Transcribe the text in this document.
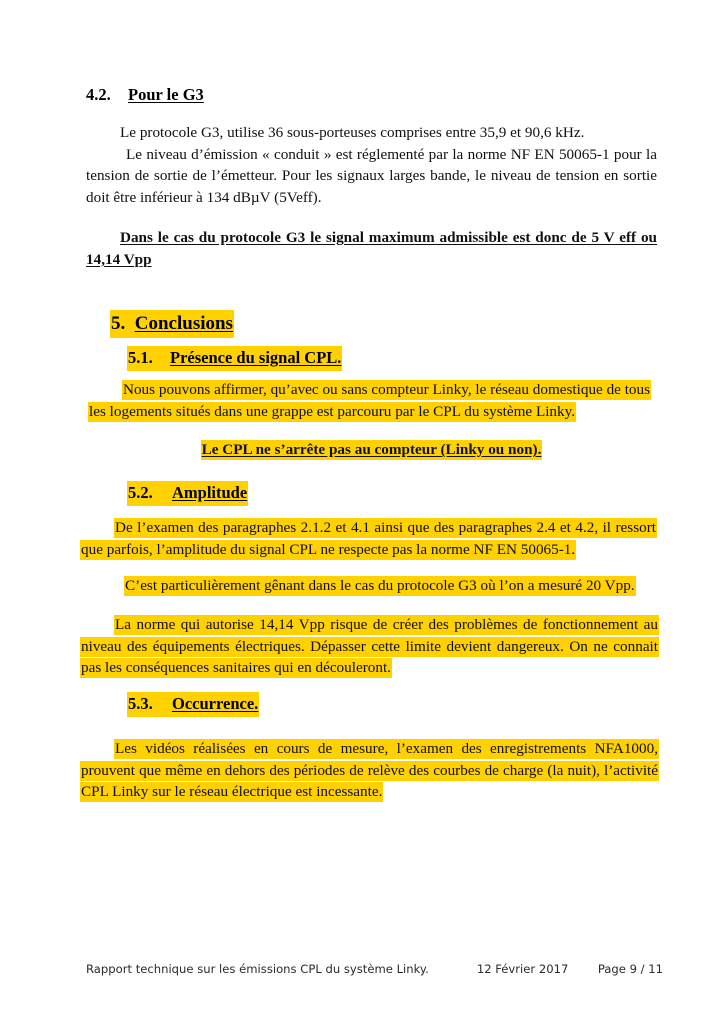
4.2.	Pour le G3

Le protocole G3, utilise 36 sous-porteuses comprises entre 35,9 et 90,6 kHz.

Le niveau d’émission « conduit » est réglementé par la norme NF EN 50065-1 pour la tension de sortie de l’émetteur. Pour les signaux larges bande, le niveau de tension en sortie doit être inférieur à 134 dBµV (5Veff).

Dans le cas du protocole G3 le signal maximum admissible est donc de 5 V eff ou 14,14 Vpp

5. Conclusions
5.1. Présence du signal CPL.

Nous pouvons affirmer, qu’avec ou sans compteur Linky, le réseau domestique de tous les logements situés dans une grappe est parcouru par le CPL du système Linky.

Le CPL ne s’arrête pas au compteur (Linky ou non).

5.2.	Amplitude

De l’examen des paragraphes 2.1.2 et 4.1 ainsi que des paragraphes 2.4 et 4.2, il ressort que parfois, l’amplitude du signal CPL ne respecte pas la norme NF EN 50065-1.

C’est particulièrement gênant dans le cas du protocole G3 où l’on a mesuré 20 Vpp.

La norme qui autorise 14,14 Vpp risque de créer des problèmes de fonctionnement au niveau des équipements électriques. Dépasser cette limite devient dangereux. On ne connait pas les conséquences sanitaires qui en découleront.

5.3.	Occurrence.

Les vidéos réalisées en cours de mesure, l’examen des enregistrements NFA1000, prouvent que même en dehors des périodes de relève des courbes de charge (la nuit), l’activité CPL Linky sur le réseau électrique est incessante.

Rapport technique sur les émissions CPL du système Linky.	12 Février 2017	Page 9 / 11
